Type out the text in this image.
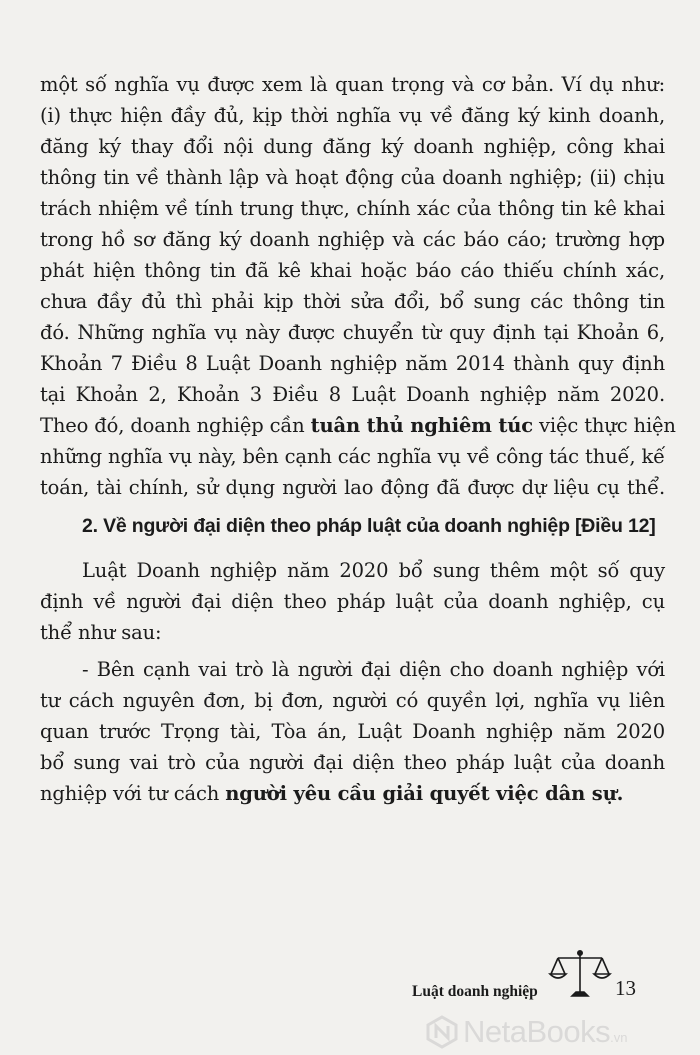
một số nghĩa vụ được xem là quan trọng và cơ bản. Ví dụ như:
(i) thực hiện đầy đủ, kịp thời nghĩa vụ về đăng ký kinh doanh,
đăng ký thay đổi nội dung đăng ký doanh nghiệp, công khai
thông tin về thành lập và hoạt động của doanh nghiệp; (ii) chịu
trách nhiệm về tính trung thực, chính xác của thông tin kê khai
trong hồ sơ đăng ký doanh nghiệp và các báo cáo; trường hợp
phát hiện thông tin đã kê khai hoặc báo cáo thiếu chính xác,
chưa đầy đủ thì phải kịp thời sửa đổi, bổ sung các thông tin
đó. Những nghĩa vụ này được chuyển từ quy định tại Khoản 6,
Khoản 7 Điều 8 Luật Doanh nghiệp năm 2014 thành quy định
tại Khoản 2, Khoản 3 Điều 8 Luật Doanh nghiệp năm 2020.
Theo đó, doanh nghiệp cần tuân thủ nghiêm túc việc thực hiện
những nghĩa vụ này, bên cạnh các nghĩa vụ về công tác thuế, kế
toán, tài chính, sử dụng người lao động đã được dự liệu cụ thể.
2. Về người đại diện theo pháp luật của doanh nghiệp [Điều 12]
Luật Doanh nghiệp năm 2020 bổ sung thêm một số quy
định về người đại diện theo pháp luật của doanh nghiệp, cụ
thể như sau:
- Bên cạnh vai trò là người đại diện cho doanh nghiệp với
tư cách nguyên đơn, bị đơn, người có quyền lợi, nghĩa vụ liên
quan trước Trọng tài, Tòa án, Luật Doanh nghiệp năm 2020
bổ sung vai trò của người đại diện theo pháp luật của doanh
nghiệp với tư cách người yêu cầu giải quyết việc dân sự.
Luật doanh nghiệp	13
NetaBooks .vn
